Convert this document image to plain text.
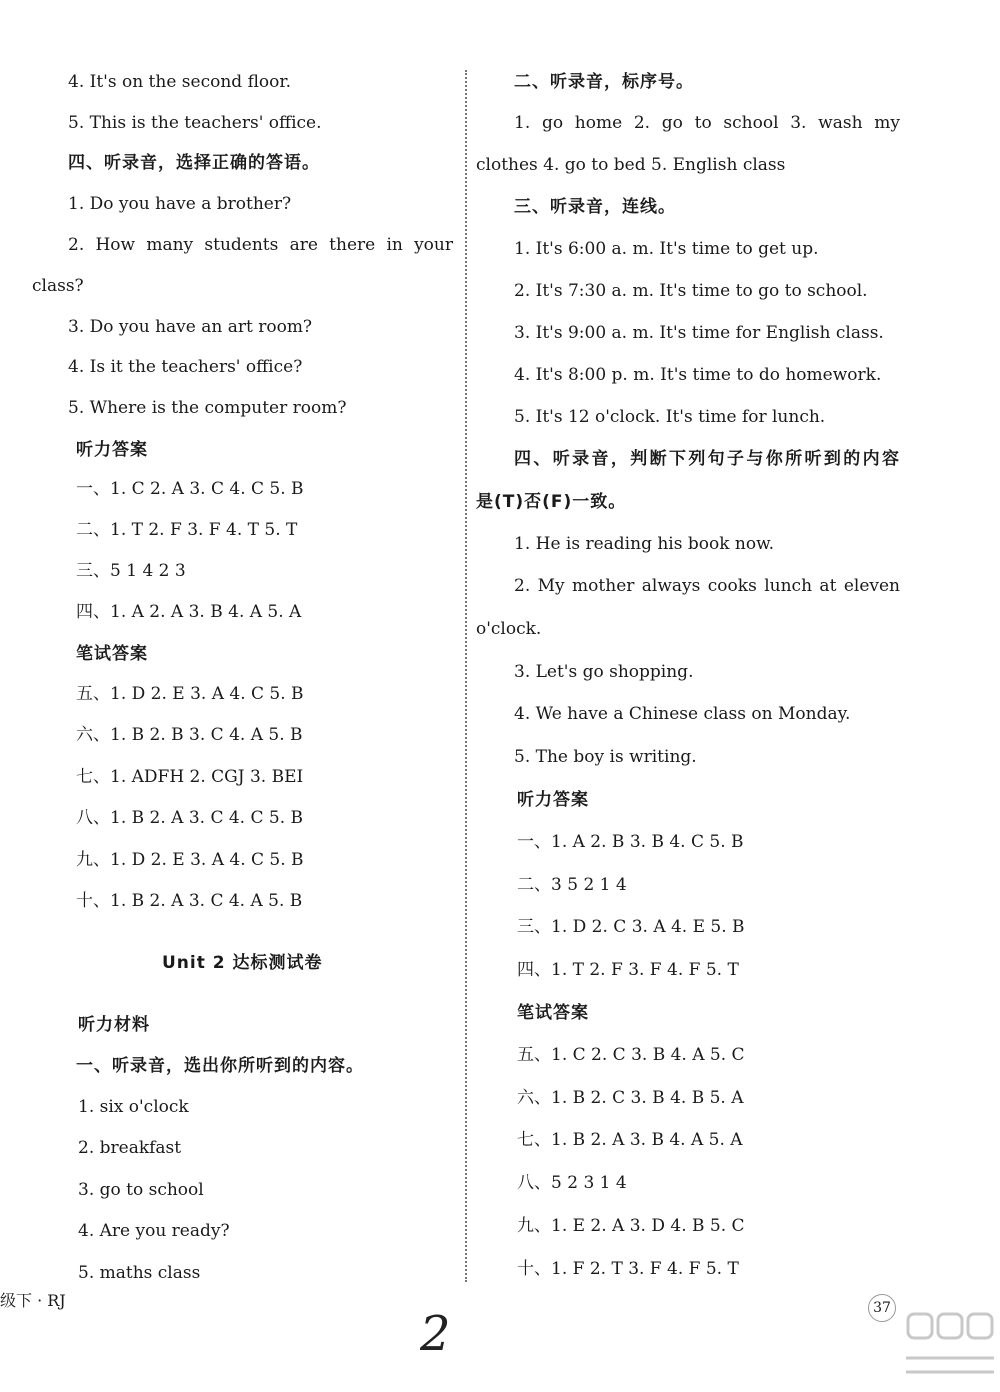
4. It's on the second floor.
5. This is the teachers' office.
四、听录音，选择正确的答语。
1. Do you have a brother?
2. How many students are there in your
class?
3. Do you have an art room?
4. Is it the teachers' office?
5. Where is the computer room?
听力答案
一、1. C 2. A 3. C 4. C 5. B
二、1. T 2. F 3. F 4. T 5. T
三、5 1 4 2 3
四、1. A 2. A 3. B 4. A 5. A
笔试答案
五、1. D 2. E 3. A 4. C 5. B
六、1. B 2. B 3. C 4. A 5. B
七、1. ADFH 2. CGJ 3. BEI
八、1. B 2. A 3. C 4. C 5. B
九、1. D 2. E 3. A 4. C 5. B
十、1. B 2. A 3. C 4. A 5. B
Unit 2 达标测试卷
听力材料
一、听录音，选出你所听到的内容。
1. six o'clock
2. breakfast
3. go to school
4. Are you ready?
5. maths class
二、听录音，标序号。
1. go home 2. go to school 3. wash my
clothes 4. go to bed 5. English class
三、听录音，连线。
1. It's 6:00 a. m. It's time to get up.
2. It's 7:30 a. m. It's time to go to school.
3. It's 9:00 a. m. It's time for English class.
4. It's 8:00 p. m. It's time to do homework.
5. It's 12 o'clock. It's time for lunch.
四、听录音，判断下列句子与你所听到的内容
是(T)否(F)一致。
1. He is reading his book now.
2. My mother always cooks lunch at eleven
o'clock.
3. Let's go shopping.
4. We have a Chinese class on Monday.
5. The boy is writing.
听力答案
一、1. A 2. B 3. B 4. C 5. B
二、3 5 2 1 4
三、1. D 2. C 3. A 4. E 5. B
四、1. T 2. F 3. F 4. F 5. T
笔试答案
五、1. C 2. C 3. B 4. A 5. C
六、1. B 2. C 3. B 4. B 5. A
七、1. B 2. A 3. B 4. A 5. A
八、5 2 3 1 4
九、1. E 2. A 3. D 4. B 5. C
十、1. F 2. T 3. F 4. F 5. T
级下 · RJ
2	37
